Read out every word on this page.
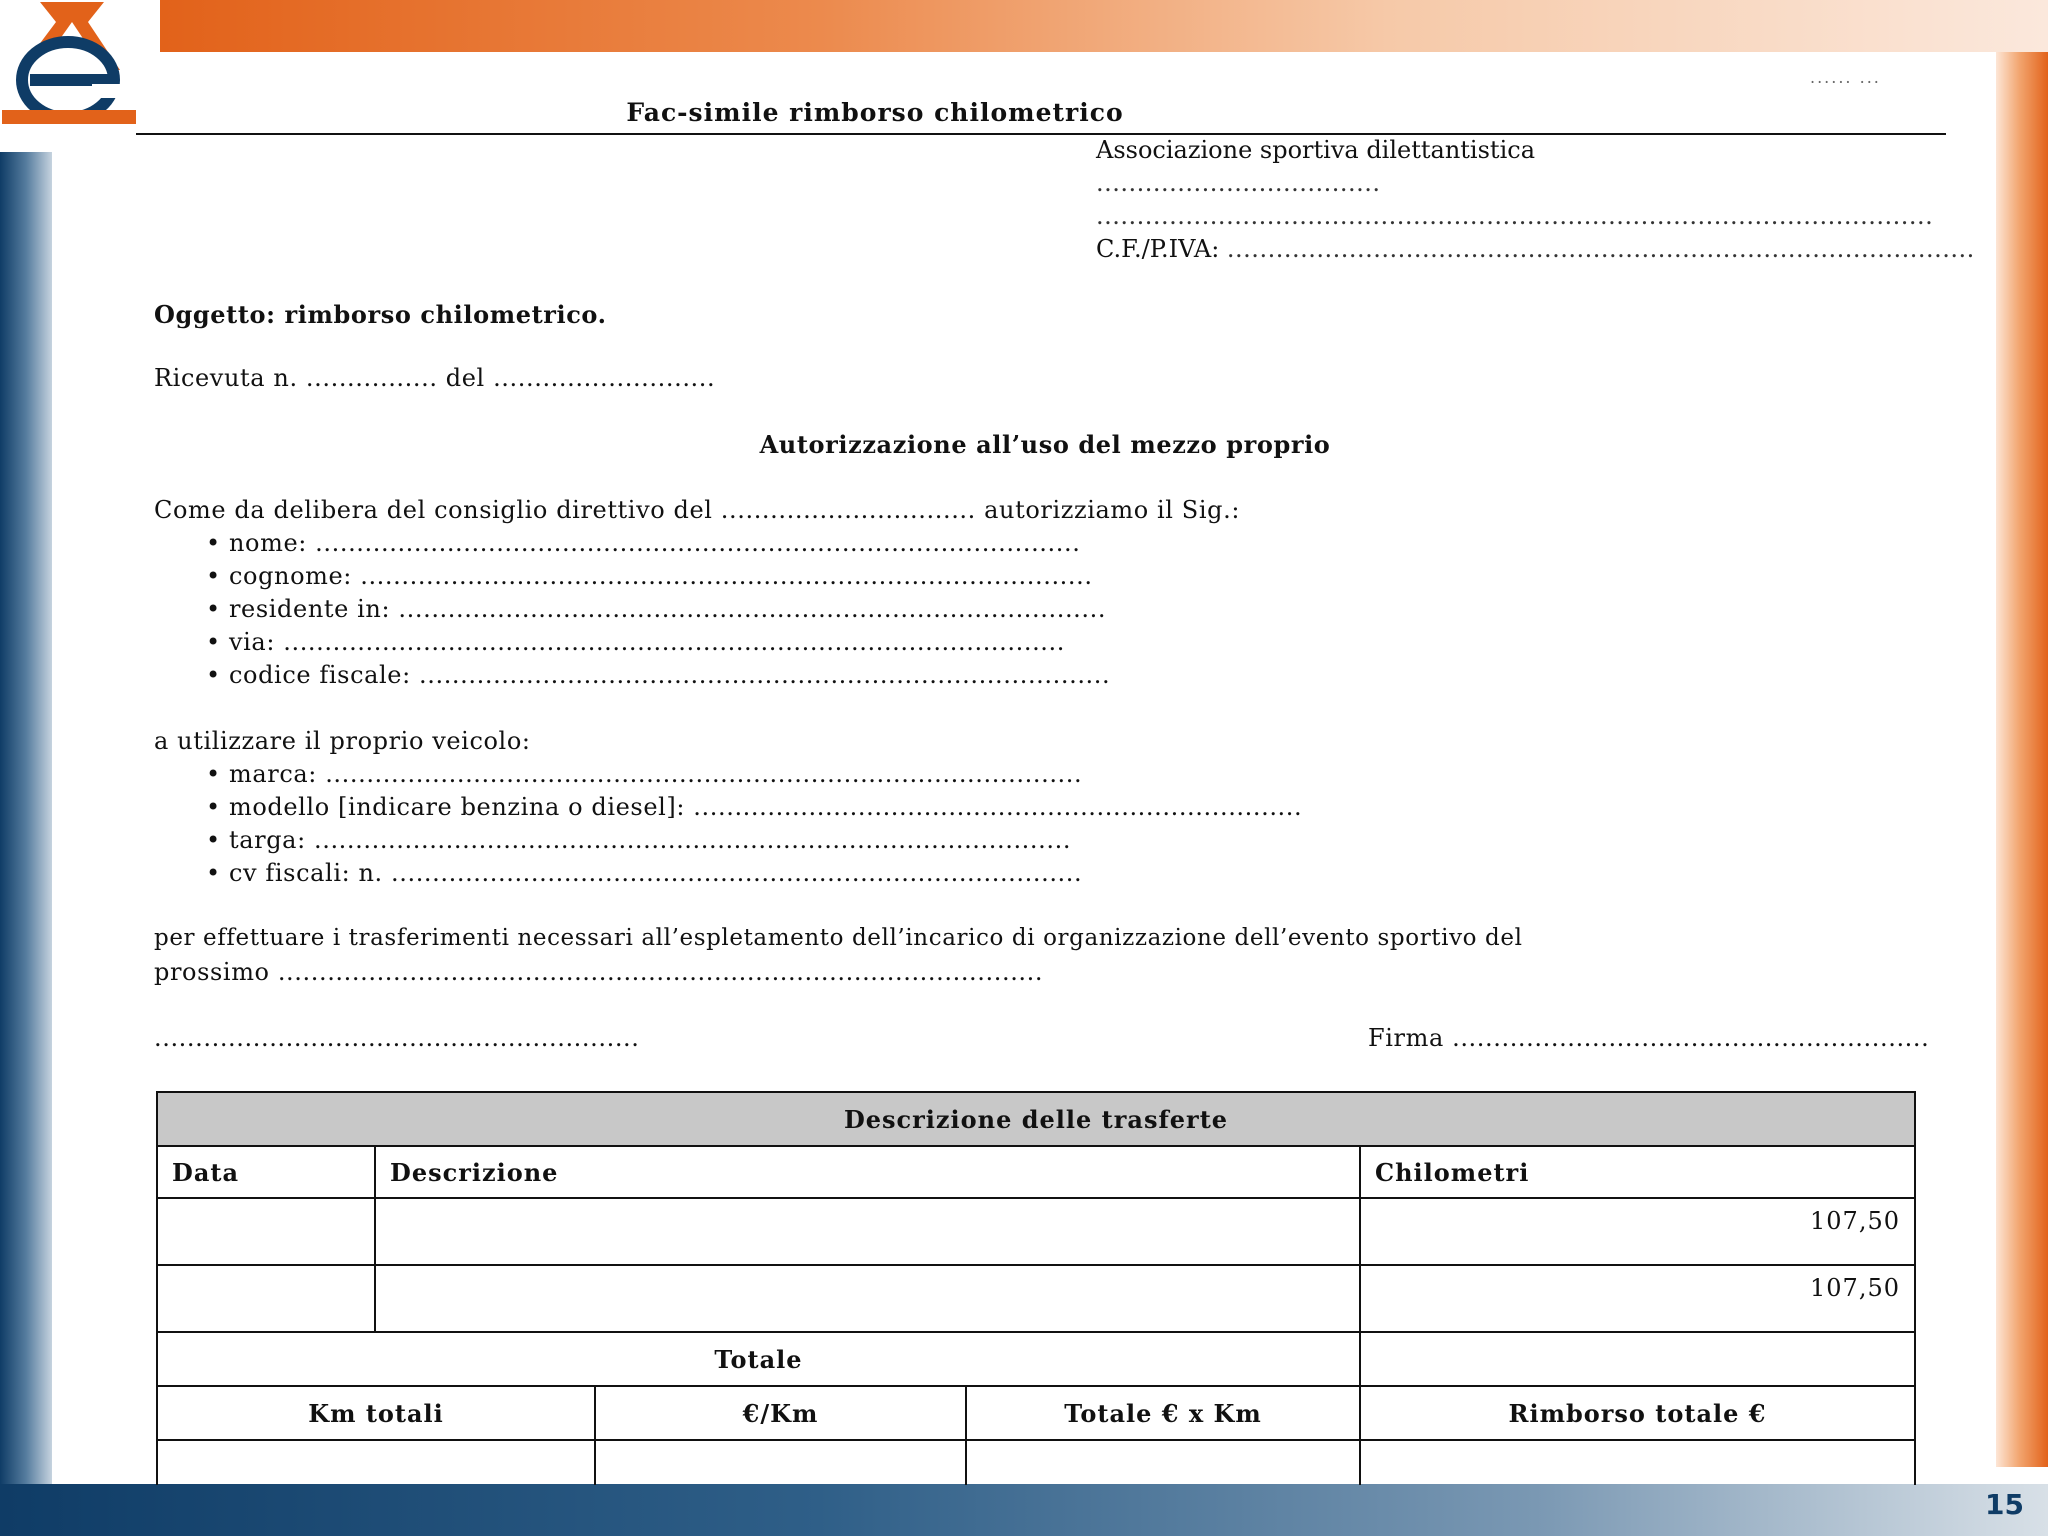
15
...... ...
Fac-simile rimborso chilometrico
Associazione sportiva dilettantistica
...................................
.......................................................................................................
C.F./P.IVA: ............................................................................................
Oggetto: rimborso chilometrico.
Ricevuta n. ................ del ...........................
Autorizzazione all’uso del mezzo proprio
Come da delibera del consiglio direttivo del ............................... autorizziamo il Sig.:
• nome: .............................................................................................
• cognome: .........................................................................................
• residente in: ......................................................................................
• via: ...............................................................................................
• codice fiscale: ....................................................................................
a utilizzare il proprio veicolo:
• marca: ............................................................................................
• modello [indicare benzina o diesel]: ..........................................................................
• targa: ............................................................................................
• cv fiscali: n. ....................................................................................
per effettuare i trasferimenti necessari all’espletamento dell’incarico di organizzazione dell’evento sportivo del
prossimo .............................................................................................
...........................................................	Firma ..........................................................
Descrizione delle trasferte				
Data	Descrizione			Chilometri
				107,50
				107,50
Totale				
Km totali		€/Km	Totale € x Km	Rimborso totale €
